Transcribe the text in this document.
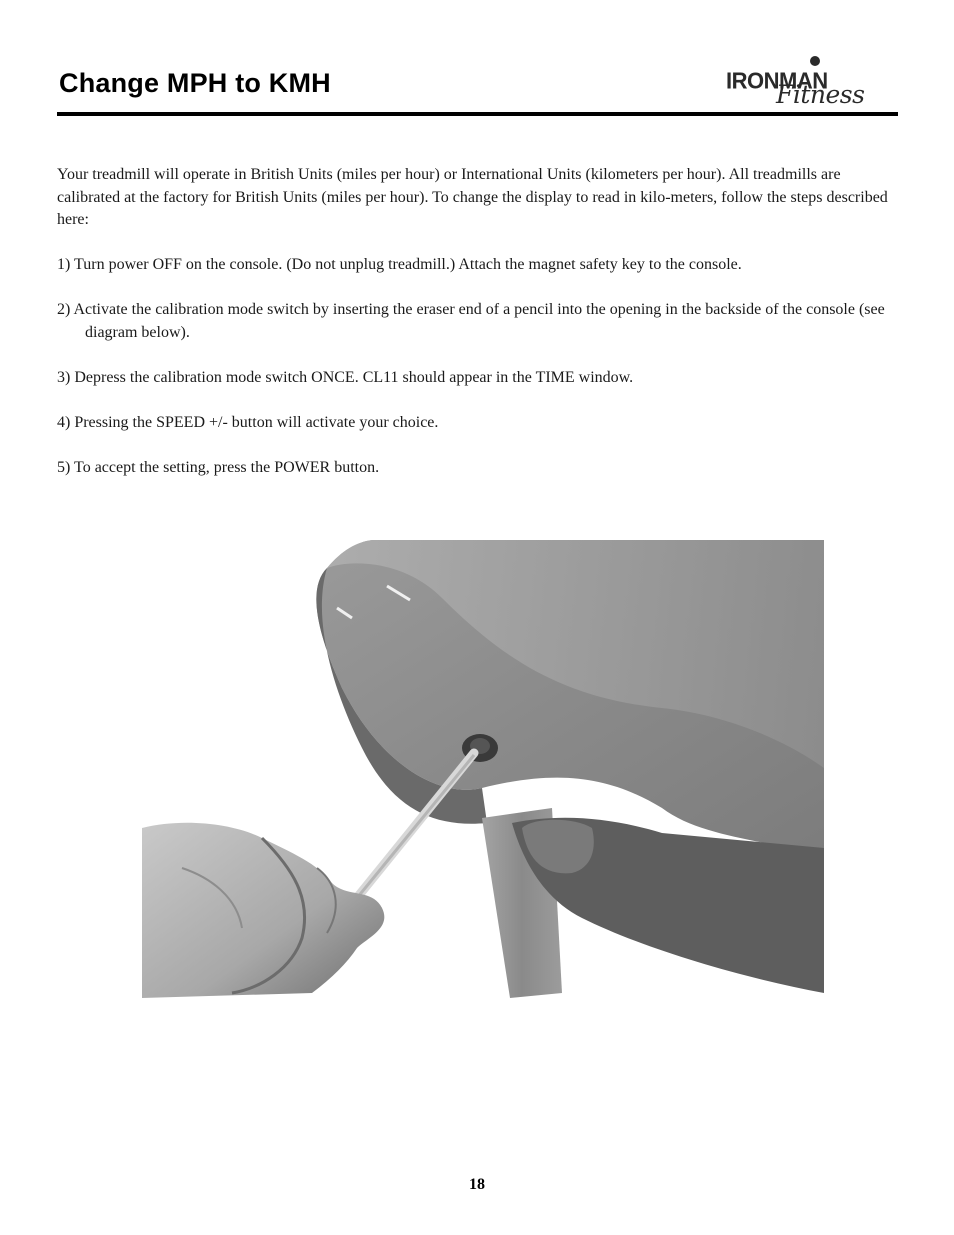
Change MPH to KMH	IRONMAN
Fitness

Your treadmill will operate in British Units (miles per hour) or International Units (kilometers per hour). All treadmills are calibrated at the factory for British Units (miles per hour). To change the display to read in kilo-meters, follow the steps described here:

1) Turn power OFF on the console. (Do not unplug treadmill.) Attach the magnet safety key to the console.

2) Activate the calibration mode switch by inserting the eraser end of a pencil into the opening in the backside of the console (see diagram below).

3) Depress the calibration mode switch ONCE. CL11 should appear in the TIME window.

4) Pressing the SPEED +/- button will activate your choice.

5) To accept the setting, press the POWER button.

18
